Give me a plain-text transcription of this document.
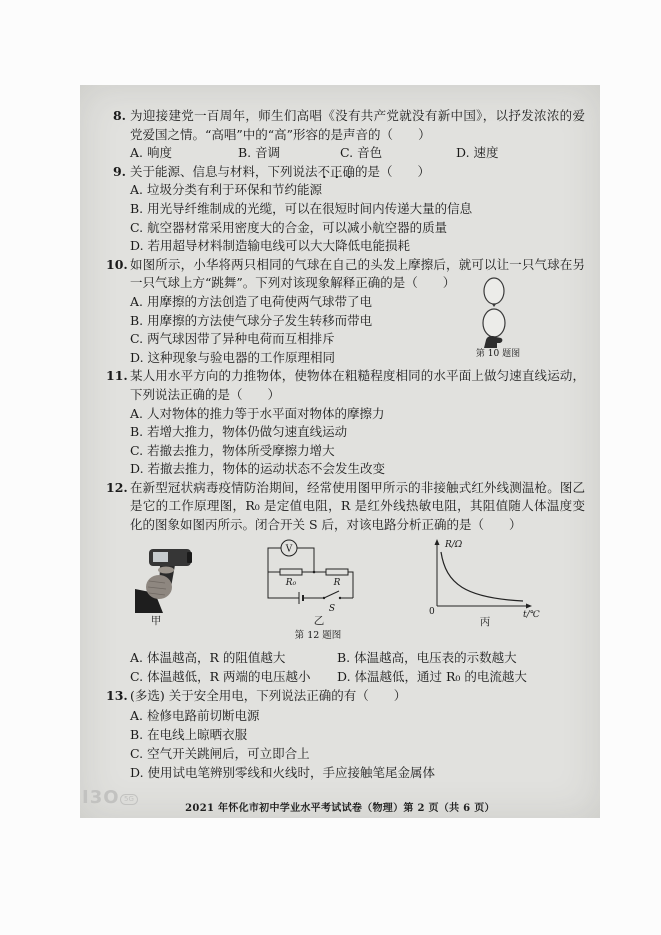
8. 为迎接建党一百周年，师生们高唱《没有共产党就没有新中国》，以抒发浓浓的爱党爱国之情。“高唱”中的“高”形容的是声音的（　　）
A. 响度	B. 音调	C. 音色	D. 速度
9. 关于能源、信息与材料，下列说法不正确的是（　　）
A. 垃圾分类有利于环保和节约能源
B. 用光导纤维制成的光缆，可以在很短时间内传递大量的信息
C. 航空器材常采用密度大的合金，可以减小航空器的质量
D. 若用超导材料制造输电线可以大大降低电能损耗
10. 如图所示，小华将两只相同的气球在自己的头发上摩擦后，就可以让一只气球在另一只气球上方“跳舞”。下列对该现象解释正确的是（　　）
A. 用摩擦的方法创造了电荷使两气球带了电
B. 用摩擦的方法使气球分子发生转移而带电
C. 两气球因带了异种电荷而互相排斥
D. 这种现象与验电器的工作原理相同	第 10 题图
11. 某人用水平方向的力推物体，使物体在粗糙程度相同的水平面上做匀速直线运动，下列说法正确的是（　　）
A. 人对物体的推力等于水平面对物体的摩擦力
B. 若增大推力，物体仍做匀速直线运动
C. 若撤去推力，物体所受摩擦力增大
D. 若撤去推力，物体的运动状态不会发生改变
12. 在新型冠状病毒疫情防治期间，经常使用图甲所示的非接触式红外线测温枪。图乙是它的工作原理图，R₀ 是定值电阻，R 是红外线热敏电阻，其阻值随人体温度变化的图象如图丙所示。闭合开关 S 后，对该电路分析正确的是（　　）
甲
V
R₀	R
S
乙
R/Ω
t/℃
0
丙
第 12 题图
A. 体温越高，R 的阻值越大	B. 体温越高，电压表的示数越大
C. 体温越低，R 两端的电压越小	D. 体温越低，通过 R₀ 的电流越大
13. (多选) 关于安全用电，下列说法正确的有（　　）
A. 检修电路前切断电源
B. 在电线上晾晒衣服
C. 空气开关跳闸后，可立即合上
D. 使用试电笔辨别零线和火线时，手应接触笔尾金属体
I3O 5G
2021 年怀化市初中学业水平考试试卷（物理）第 2 页（共 6 页）
